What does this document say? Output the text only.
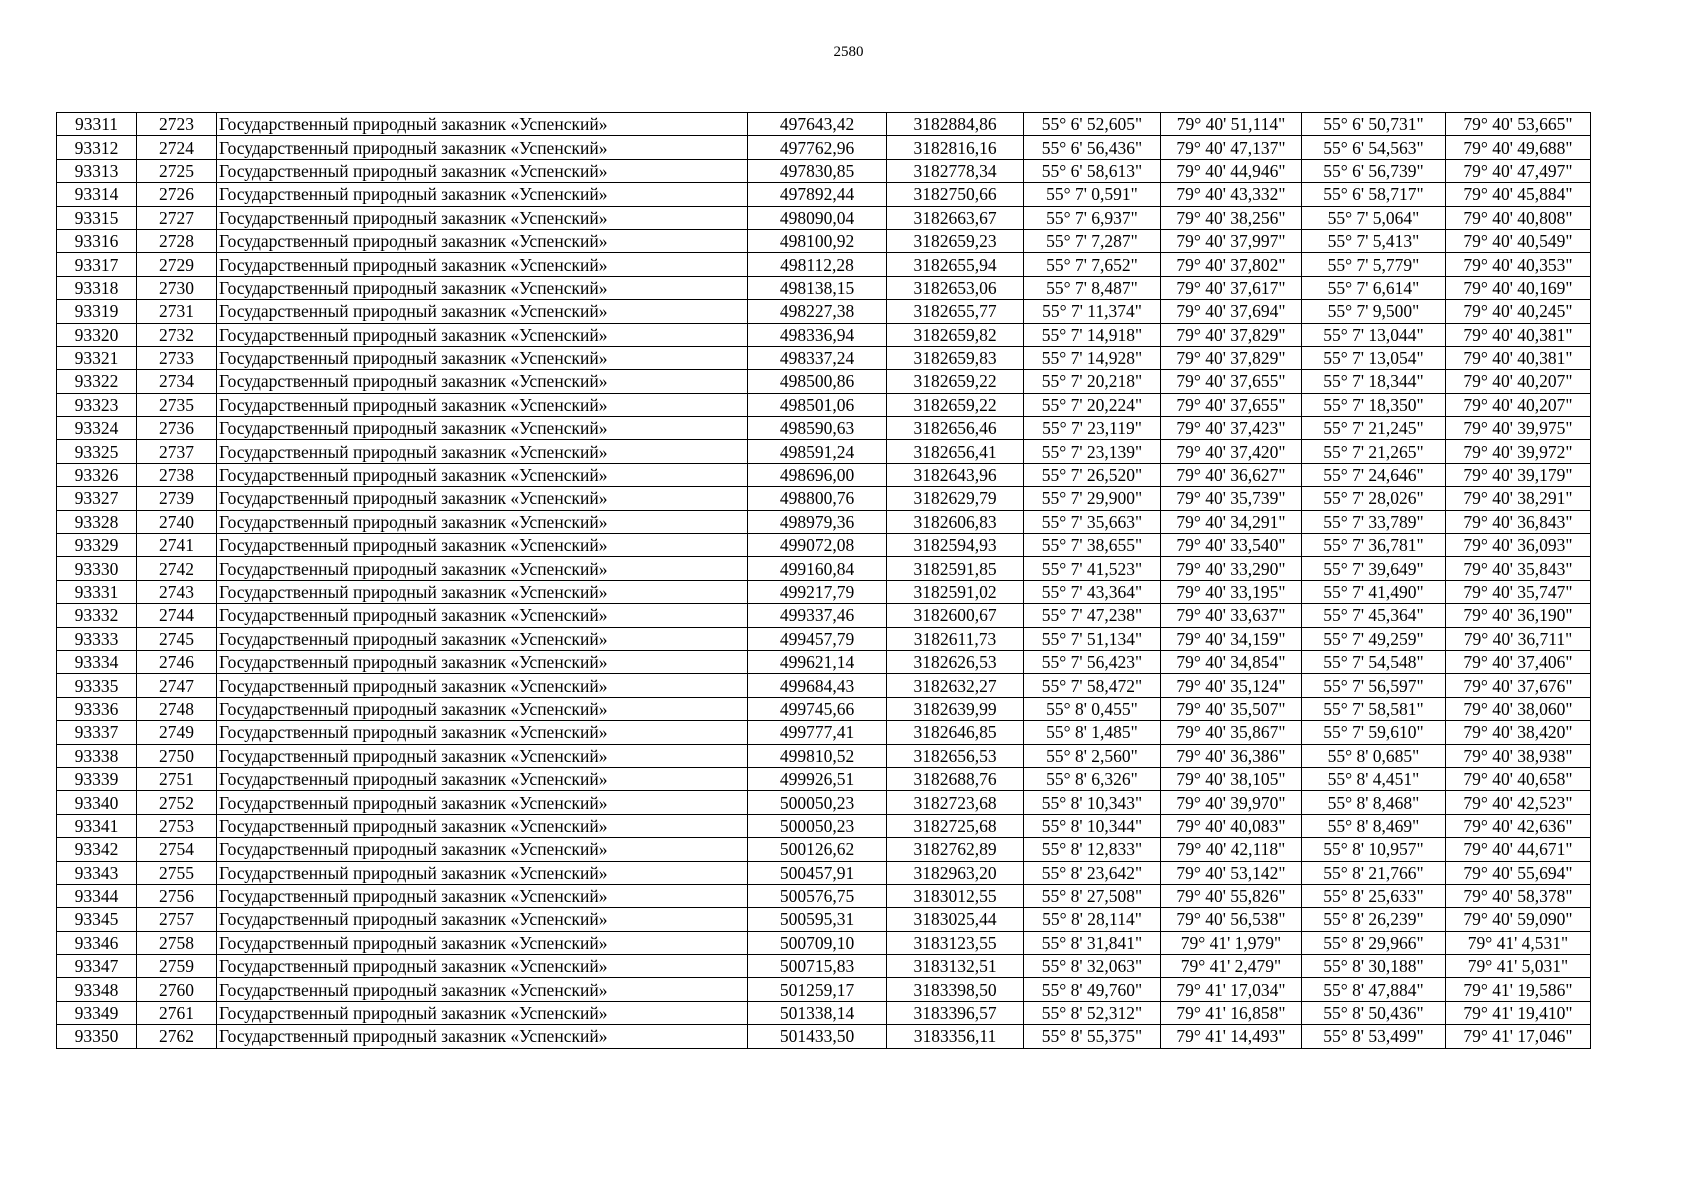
2580
93311	2723	Государственный природный заказник «Успенский»	497643,42	3182884,86	55° 6' 52,605"	79° 40' 51,114"	55° 6' 50,731"	79° 40' 53,665"
93312	2724	Государственный природный заказник «Успенский»	497762,96	3182816,16	55° 6' 56,436"	79° 40' 47,137"	55° 6' 54,563"	79° 40' 49,688"
93313	2725	Государственный природный заказник «Успенский»	497830,85	3182778,34	55° 6' 58,613"	79° 40' 44,946"	55° 6' 56,739"	79° 40' 47,497"
93314	2726	Государственный природный заказник «Успенский»	497892,44	3182750,66	55° 7' 0,591"	79° 40' 43,332"	55° 6' 58,717"	79° 40' 45,884"
93315	2727	Государственный природный заказник «Успенский»	498090,04	3182663,67	55° 7' 6,937"	79° 40' 38,256"	55° 7' 5,064"	79° 40' 40,808"
93316	2728	Государственный природный заказник «Успенский»	498100,92	3182659,23	55° 7' 7,287"	79° 40' 37,997"	55° 7' 5,413"	79° 40' 40,549"
93317	2729	Государственный природный заказник «Успенский»	498112,28	3182655,94	55° 7' 7,652"	79° 40' 37,802"	55° 7' 5,779"	79° 40' 40,353"
93318	2730	Государственный природный заказник «Успенский»	498138,15	3182653,06	55° 7' 8,487"	79° 40' 37,617"	55° 7' 6,614"	79° 40' 40,169"
93319	2731	Государственный природный заказник «Успенский»	498227,38	3182655,77	55° 7' 11,374"	79° 40' 37,694"	55° 7' 9,500"	79° 40' 40,245"
93320	2732	Государственный природный заказник «Успенский»	498336,94	3182659,82	55° 7' 14,918"	79° 40' 37,829"	55° 7' 13,044"	79° 40' 40,381"
93321	2733	Государственный природный заказник «Успенский»	498337,24	3182659,83	55° 7' 14,928"	79° 40' 37,829"	55° 7' 13,054"	79° 40' 40,381"
93322	2734	Государственный природный заказник «Успенский»	498500,86	3182659,22	55° 7' 20,218"	79° 40' 37,655"	55° 7' 18,344"	79° 40' 40,207"
93323	2735	Государственный природный заказник «Успенский»	498501,06	3182659,22	55° 7' 20,224"	79° 40' 37,655"	55° 7' 18,350"	79° 40' 40,207"
93324	2736	Государственный природный заказник «Успенский»	498590,63	3182656,46	55° 7' 23,119"	79° 40' 37,423"	55° 7' 21,245"	79° 40' 39,975"
93325	2737	Государственный природный заказник «Успенский»	498591,24	3182656,41	55° 7' 23,139"	79° 40' 37,420"	55° 7' 21,265"	79° 40' 39,972"
93326	2738	Государственный природный заказник «Успенский»	498696,00	3182643,96	55° 7' 26,520"	79° 40' 36,627"	55° 7' 24,646"	79° 40' 39,179"
93327	2739	Государственный природный заказник «Успенский»	498800,76	3182629,79	55° 7' 29,900"	79° 40' 35,739"	55° 7' 28,026"	79° 40' 38,291"
93328	2740	Государственный природный заказник «Успенский»	498979,36	3182606,83	55° 7' 35,663"	79° 40' 34,291"	55° 7' 33,789"	79° 40' 36,843"
93329	2741	Государственный природный заказник «Успенский»	499072,08	3182594,93	55° 7' 38,655"	79° 40' 33,540"	55° 7' 36,781"	79° 40' 36,093"
93330	2742	Государственный природный заказник «Успенский»	499160,84	3182591,85	55° 7' 41,523"	79° 40' 33,290"	55° 7' 39,649"	79° 40' 35,843"
93331	2743	Государственный природный заказник «Успенский»	499217,79	3182591,02	55° 7' 43,364"	79° 40' 33,195"	55° 7' 41,490"	79° 40' 35,747"
93332	2744	Государственный природный заказник «Успенский»	499337,46	3182600,67	55° 7' 47,238"	79° 40' 33,637"	55° 7' 45,364"	79° 40' 36,190"
93333	2745	Государственный природный заказник «Успенский»	499457,79	3182611,73	55° 7' 51,134"	79° 40' 34,159"	55° 7' 49,259"	79° 40' 36,711"
93334	2746	Государственный природный заказник «Успенский»	499621,14	3182626,53	55° 7' 56,423"	79° 40' 34,854"	55° 7' 54,548"	79° 40' 37,406"
93335	2747	Государственный природный заказник «Успенский»	499684,43	3182632,27	55° 7' 58,472"	79° 40' 35,124"	55° 7' 56,597"	79° 40' 37,676"
93336	2748	Государственный природный заказник «Успенский»	499745,66	3182639,99	55° 8' 0,455"	79° 40' 35,507"	55° 7' 58,581"	79° 40' 38,060"
93337	2749	Государственный природный заказник «Успенский»	499777,41	3182646,85	55° 8' 1,485"	79° 40' 35,867"	55° 7' 59,610"	79° 40' 38,420"
93338	2750	Государственный природный заказник «Успенский»	499810,52	3182656,53	55° 8' 2,560"	79° 40' 36,386"	55° 8' 0,685"	79° 40' 38,938"
93339	2751	Государственный природный заказник «Успенский»	499926,51	3182688,76	55° 8' 6,326"	79° 40' 38,105"	55° 8' 4,451"	79° 40' 40,658"
93340	2752	Государственный природный заказник «Успенский»	500050,23	3182723,68	55° 8' 10,343"	79° 40' 39,970"	55° 8' 8,468"	79° 40' 42,523"
93341	2753	Государственный природный заказник «Успенский»	500050,23	3182725,68	55° 8' 10,344"	79° 40' 40,083"	55° 8' 8,469"	79° 40' 42,636"
93342	2754	Государственный природный заказник «Успенский»	500126,62	3182762,89	55° 8' 12,833"	79° 40' 42,118"	55° 8' 10,957"	79° 40' 44,671"
93343	2755	Государственный природный заказник «Успенский»	500457,91	3182963,20	55° 8' 23,642"	79° 40' 53,142"	55° 8' 21,766"	79° 40' 55,694"
93344	2756	Государственный природный заказник «Успенский»	500576,75	3183012,55	55° 8' 27,508"	79° 40' 55,826"	55° 8' 25,633"	79° 40' 58,378"
93345	2757	Государственный природный заказник «Успенский»	500595,31	3183025,44	55° 8' 28,114"	79° 40' 56,538"	55° 8' 26,239"	79° 40' 59,090"
93346	2758	Государственный природный заказник «Успенский»	500709,10	3183123,55	55° 8' 31,841"	79° 41' 1,979"	55° 8' 29,966"	79° 41' 4,531"
93347	2759	Государственный природный заказник «Успенский»	500715,83	3183132,51	55° 8' 32,063"	79° 41' 2,479"	55° 8' 30,188"	79° 41' 5,031"
93348	2760	Государственный природный заказник «Успенский»	501259,17	3183398,50	55° 8' 49,760"	79° 41' 17,034"	55° 8' 47,884"	79° 41' 19,586"
93349	2761	Государственный природный заказник «Успенский»	501338,14	3183396,57	55° 8' 52,312"	79° 41' 16,858"	55° 8' 50,436"	79° 41' 19,410"
93350	2762	Государственный природный заказник «Успенский»	501433,50	3183356,11	55° 8' 55,375"	79° 41' 14,493"	55° 8' 53,499"	79° 41' 17,046"
